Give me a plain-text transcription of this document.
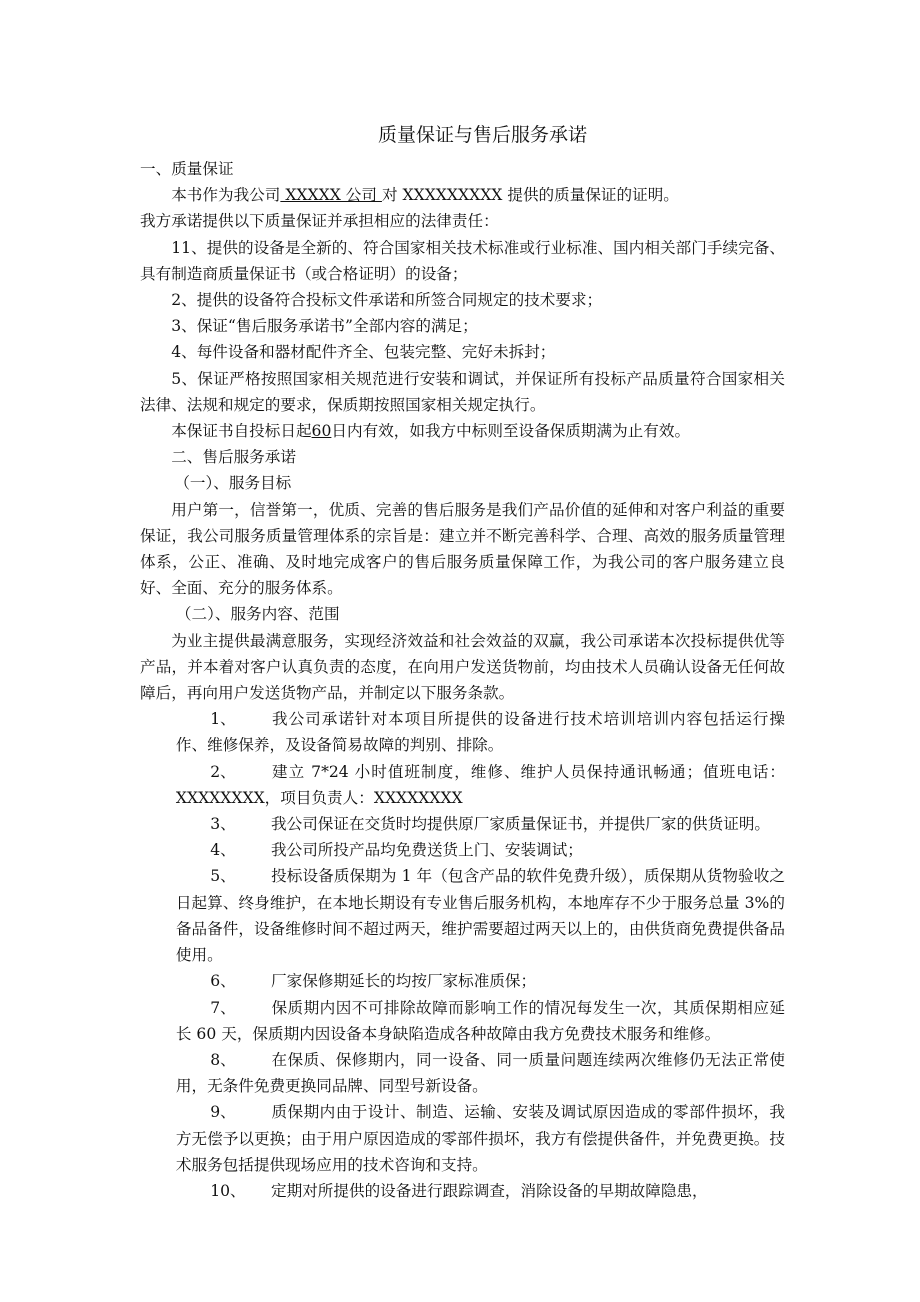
质量保证与售后服务承诺

一、质量保证

本书作为我公司 XXXXX 公司 对 XXXXXXXXX 提供的质量保证的证明。

我方承诺提供以下质量保证并承担相应的法律责任：

11、提供的设备是全新的、符合国家相关技术标准或行业标准、国内相关部门手续完备、具有制造商质量保证书（或合格证明）的设备；

2、提供的设备符合投标文件承诺和所签合同规定的技术要求；

3、保证“售后服务承诺书”全部内容的满足；

4、每件设备和器材配件齐全、包装完整、完好未拆封；

5、保证严格按照国家相关规范进行安装和调试，并保证所有投标产品质量符合国家相关法律、法规和规定的要求，保质期按照国家相关规定执行。

本保证书自投标日起60日内有效，如我方中标则至设备保质期满为止有效。

二、售后服务承诺

（一）、服务目标

用户第一，信誉第一，优质、完善的售后服务是我们产品价值的延伸和对客户利益的重要保证，我公司服务质量管理体系的宗旨是：建立并不断完善科学、合理、高效的服务质量管理体系，公正、准确、及时地完成客户的售后服务质量保障工作，为我公司的客户服务建立良好、全面、充分的服务体系。

（二）、服务内容、范围

为业主提供最满意服务，实现经济效益和社会效益的双赢，我公司承诺本次投标提供优等产品，并本着对客户认真负责的态度，在向用户发送货物前，均由技术人员确认设备无任何故障后，再向用户发送货物产品，并制定以下服务条款。

1、 我公司承诺针对本项目所提供的设备进行技术培训培训内容包括运行操作、维修保养，及设备简易故障的判别、排除。

2、 建立 7*24 小时值班制度，维修、维护人员保持通讯畅通；值班电话：XXXXXXXX，项目负责人：XXXXXXXX

3、 我公司保证在交货时均提供原厂家质量保证书，并提供厂家的供货证明。

4、 我公司所投产品均免费送货上门、安装调试；

5、 投标设备质保期为 1 年（包含产品的软件免费升级），质保期从货物验收之日起算、终身维护，在本地长期设有专业售后服务机构，本地库存不少于服务总量 3%的备品备件，设备维修时间不超过两天，维护需要超过两天以上的，由供货商免费提供备品使用。

6、 厂家保修期延长的均按厂家标准质保；

7、 保质期内因不可排除故障而影响工作的情况每发生一次，其质保期相应延长 60 天，保质期内因设备本身缺陷造成各种故障由我方免费技术服务和维修。

8、 在保质、保修期内，同一设备、同一质量问题连续两次维修仍无法正常使用，无条件免费更换同品牌、同型号新设备。

9、 质保期内由于设计、制造、运输、安装及调试原因造成的零部件损坏，我方无偿予以更换；由于用户原因造成的零部件损坏，我方有偿提供备件，并免费更换。技术服务包括提供现场应用的技术咨询和支持。

10、 定期对所提供的设备进行跟踪调查，消除设备的早期故障隐患，
